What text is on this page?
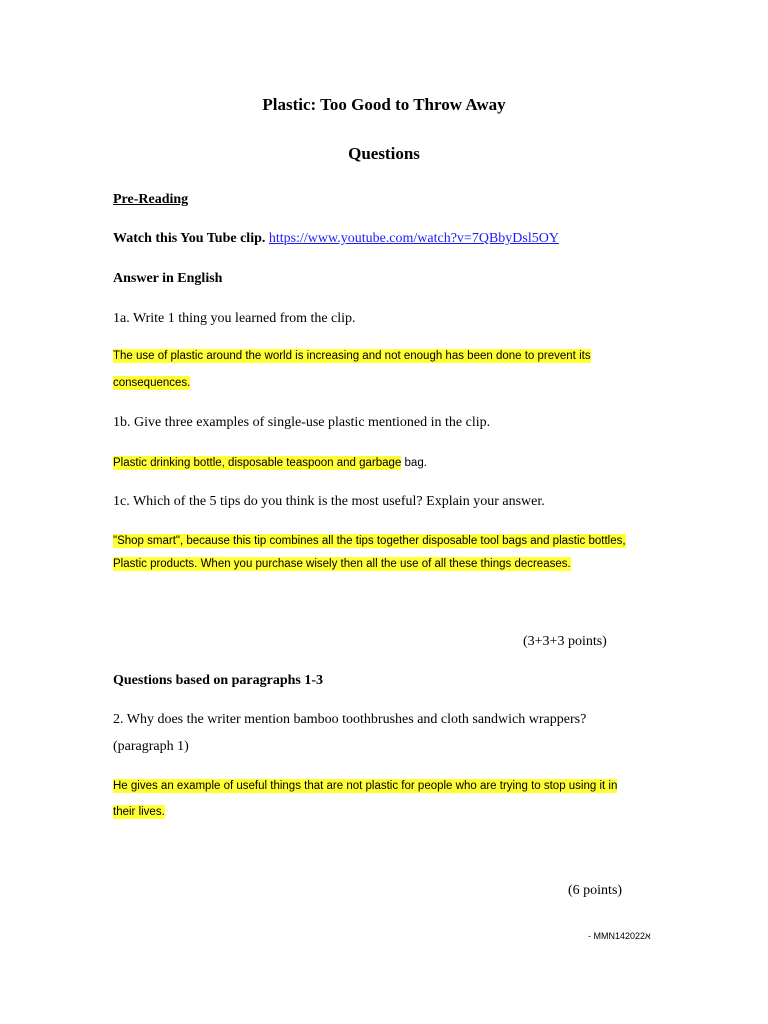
Plastic: Too Good to Throw Away
Questions
Pre-Reading
Watch this You Tube clip. https://www.youtube.com/watch?v=7QBbyDsl5OY
Answer in English
1a. Write 1 thing you learned from the clip.
The use of plastic around the world is increasing and not enough has been done to prevent its
consequences.
1b. Give three examples of single-use plastic mentioned in the clip.
Plastic drinking bottle, disposable teaspoon and garbage bag.
1c. Which of the 5 tips do you think is the most useful? Explain your answer.
"Shop smart", because this tip combines all the tips together disposable tool bags and plastic bottles,
Plastic products. When you purchase wisely then all the use of all these things decreases.
(3+3+3 points)
Questions based on paragraphs 1-3
2. Why does the writer mention bamboo toothbrushes and cloth sandwich wrappers?
(paragraph 1)
He gives an example of useful things that are not plastic for people who are trying to stop using it in
their lives.
(6 points)
- MMN14א2022
